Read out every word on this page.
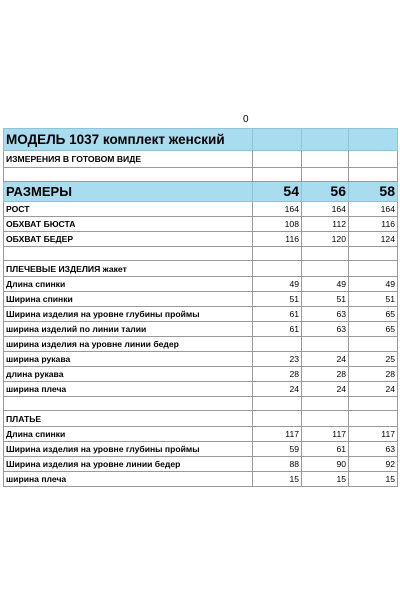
0
МОДЕЛЬ 1037 комплект женский			
ИЗМЕРЕНИЯ В ГОТОВОМ ВИДЕ			

РАЗМЕРЫ	54	56	58
РОСТ	164	164	164
ОБХВАТ БЮСТА	108	112	116
ОБХВАТ БЕДЕР	116	120	124

ПЛЕЧЕВЫЕ ИЗДЕЛИЯ жакет			
Длина спинки	49	49	49
Ширина спинки	51	51	51
Ширина изделия на уровне глубины проймы	61	63	65
ширина изделий по линии талии	61	63	65
ширина изделия на уровне линии бедер			
ширина рукава	23	24	25
длина рукава	28	28	28
ширина плеча	24	24	24

ПЛАТЬЕ			
Длина спинки	117	117	117
Ширина изделия на уровне глубины проймы	59	61	63
Ширина изделия на уровне линии бедер	88	90	92
ширина плеча	15	15	15
